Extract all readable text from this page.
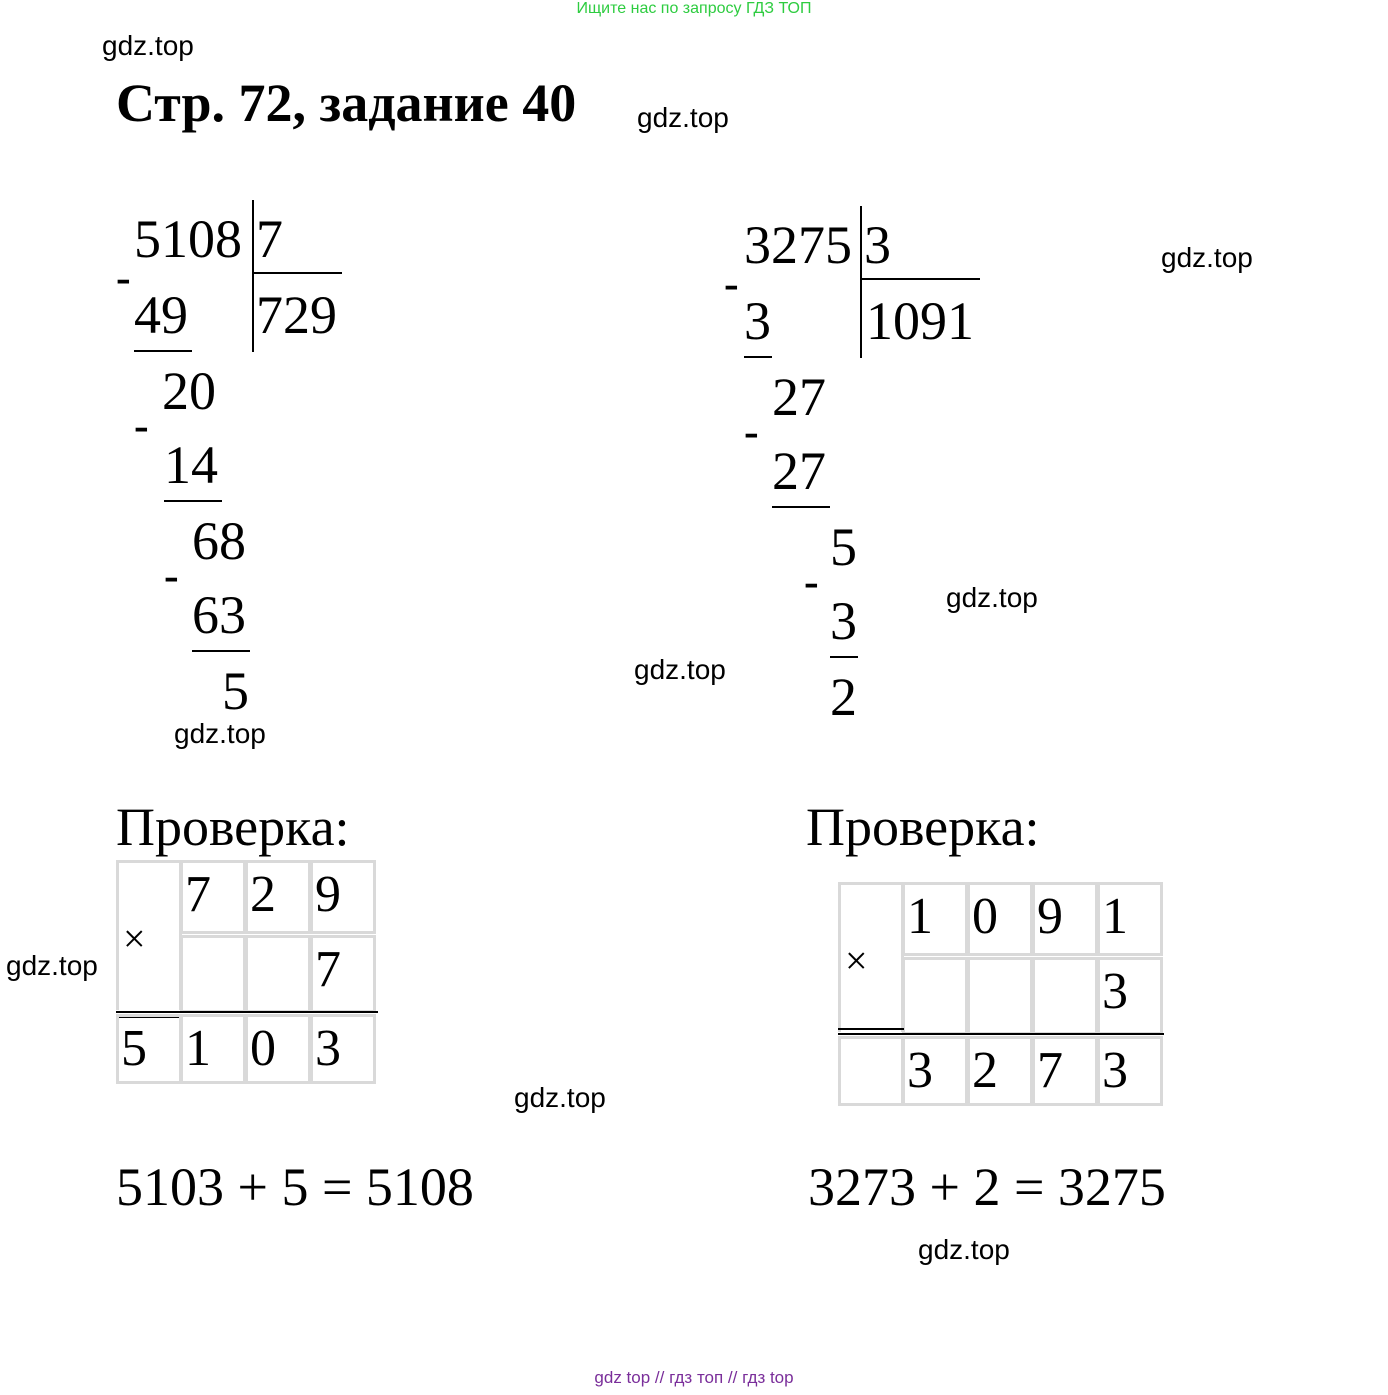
Ищите нас по запросу ГДЗ ТОП
gdz.top
gdz.top
gdz.top
gdz.top
gdz.top
gdz.top
gdz.top
gdz.top
gdz.top
Стр. 72, задание 40
5108 7
729
-
49
20
-
14
68
-
63
5
3275 3
1091
-
3
27
-
27
5
-
3
2
Проверка:
×
7 2 9
7
5 1 0 3
5103 + 5 = 5108
Проверка:
×
1 0 9 1
3
3 2 7 3
3273 + 2 = 3275
gdz top // гдз топ // гдз top
